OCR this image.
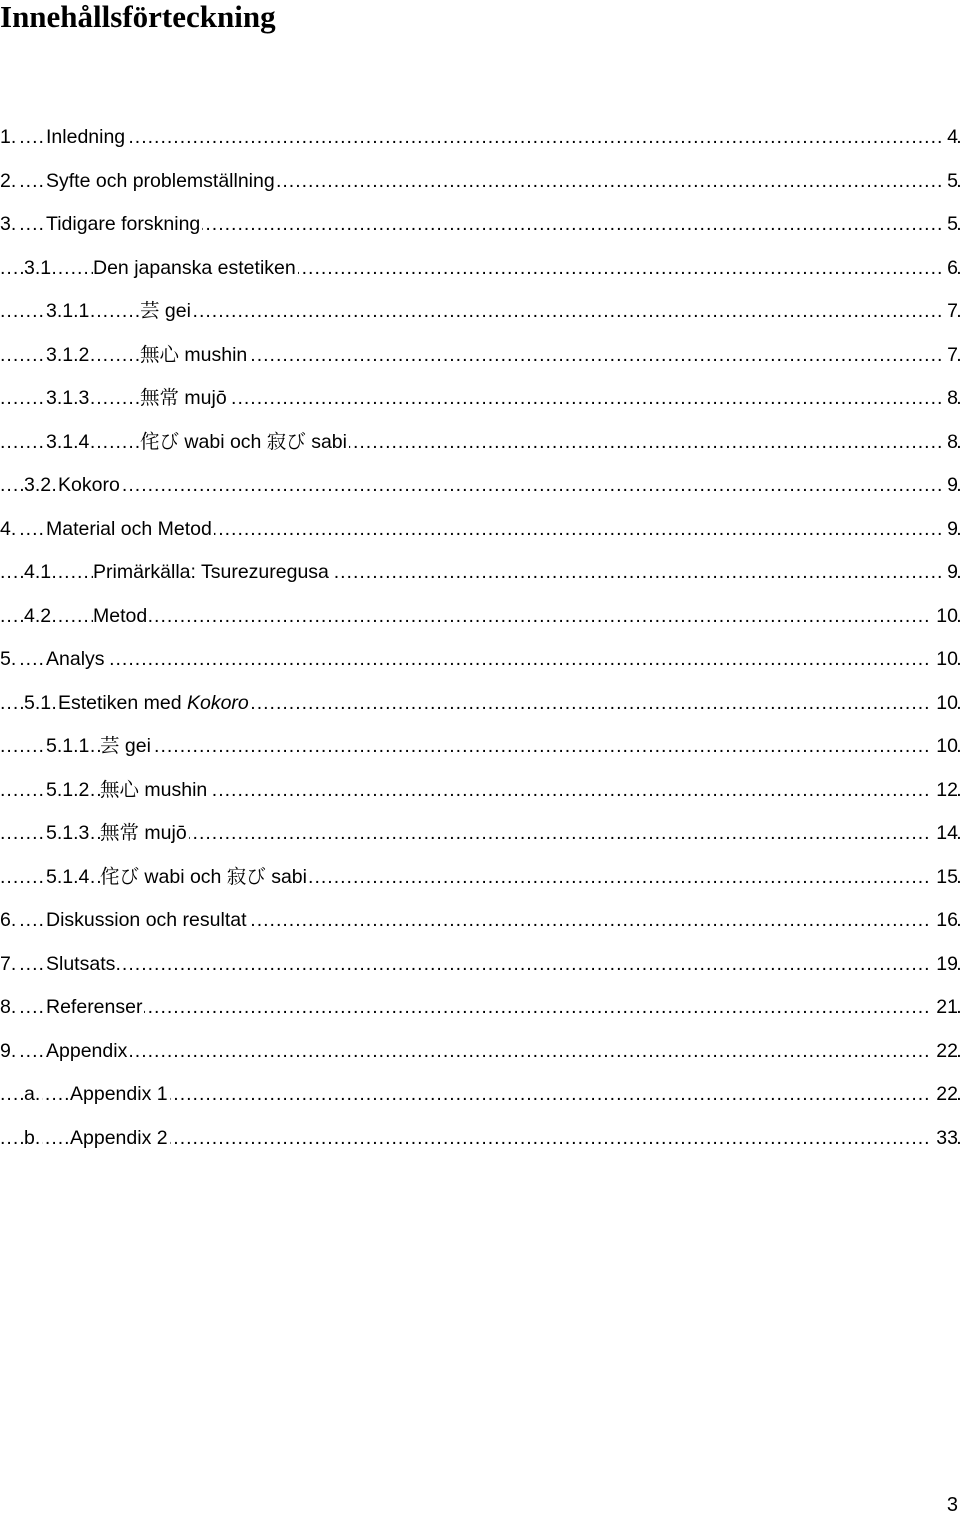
Innehållsförteckning
.....
1. Inledning	4
.....
2. Syfte och problemställning	5
.....
3. Tidigare forskning	5
.....
3.1 Den japanska estetiken	6
.....
3.1.1	芸 gei	7
.....
3.1.2	無心 mushin	7
.....
3.1.3	無常 mujō	8
.....
3.1.4	侘び wabi och 寂び sabi	8
.....
3.2 Kokoro	9
.....
4. Material och Metod	9
.....
4.1 Primärkälla: Tsurezuregusa	9
.....
4.2 Metod	10
.....
5. Analys	10
.....
5.1 Estetiken med Kokoro	10
.....
5.1.1 芸 gei	10
.....
5.1.2 無心 mushin	12
.....
5.1.3 無常 mujō	14
.....
5.1.4 侘び wabi och 寂び sabi	15
.....
6. Diskussion och resultat	16
.....
7. Slutsats	19
.....
8. Referenser	21
.....
9. Appendix	22
.....
a. Appendix 1	22
.....
b. Appendix 2	33
3
